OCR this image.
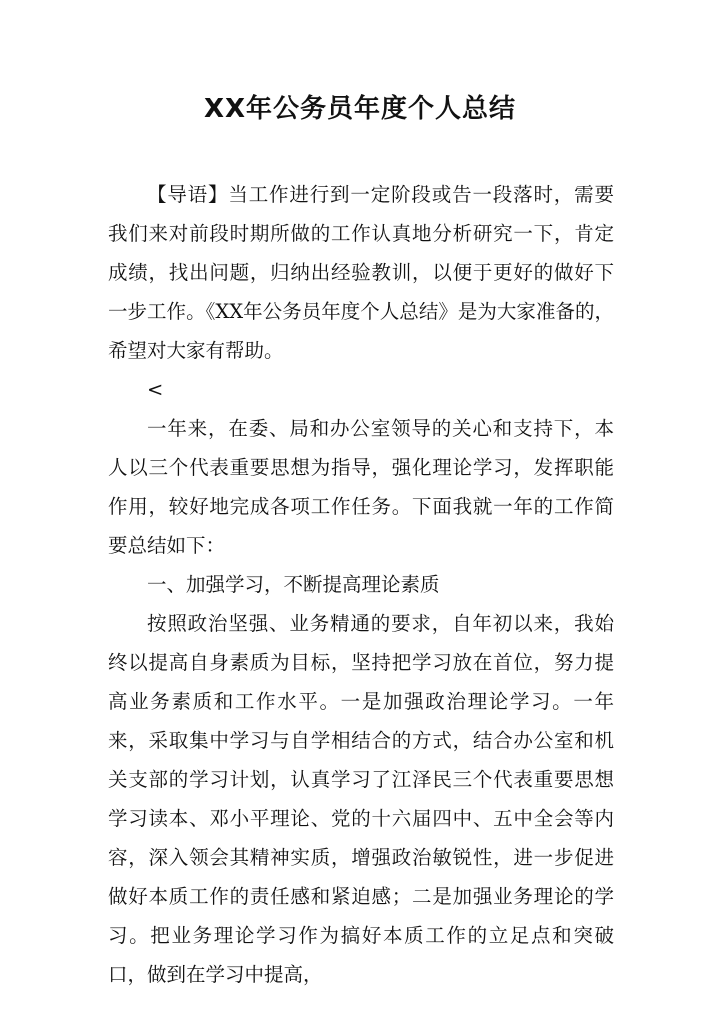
XX年公务员年度个人总结

【导语】当工作进行到一定阶段或告一段落时，需要我们来对前段时期所做的工作认真地分析研究一下，肯定成绩，找出问题，归纳出经验教训，以便于更好的做好下一步工作。《XX年公务员年度个人总结》是为大家准备的，希望对大家有帮助。

<

一年来，在委、局和办公室领导的关心和支持下，本人以三个代表重要思想为指导，强化理论学习，发挥职能作用，较好地完成各项工作任务。下面我就一年的工作简要总结如下：

一、加强学习，不断提高理论素质

按照政治坚强、业务精通的要求，自年初以来，我始终以提高自身素质为目标，坚持把学习放在首位，努力提高业务素质和工作水平。一是加强政治理论学习。一年来，采取集中学习与自学相结合的方式，结合办公室和机关支部的学习计划，认真学习了江泽民三个代表重要思想学习读本、邓小平理论、党的十六届四中、五中全会等内容，深入领会其精神实质，增强政治敏锐性，进一步促进做好本质工作的责任感和紧迫感；二是加强业务理论的学习。把业务理论学习作为搞好本质工作的立足点和突破口，做到在学习中提高，
